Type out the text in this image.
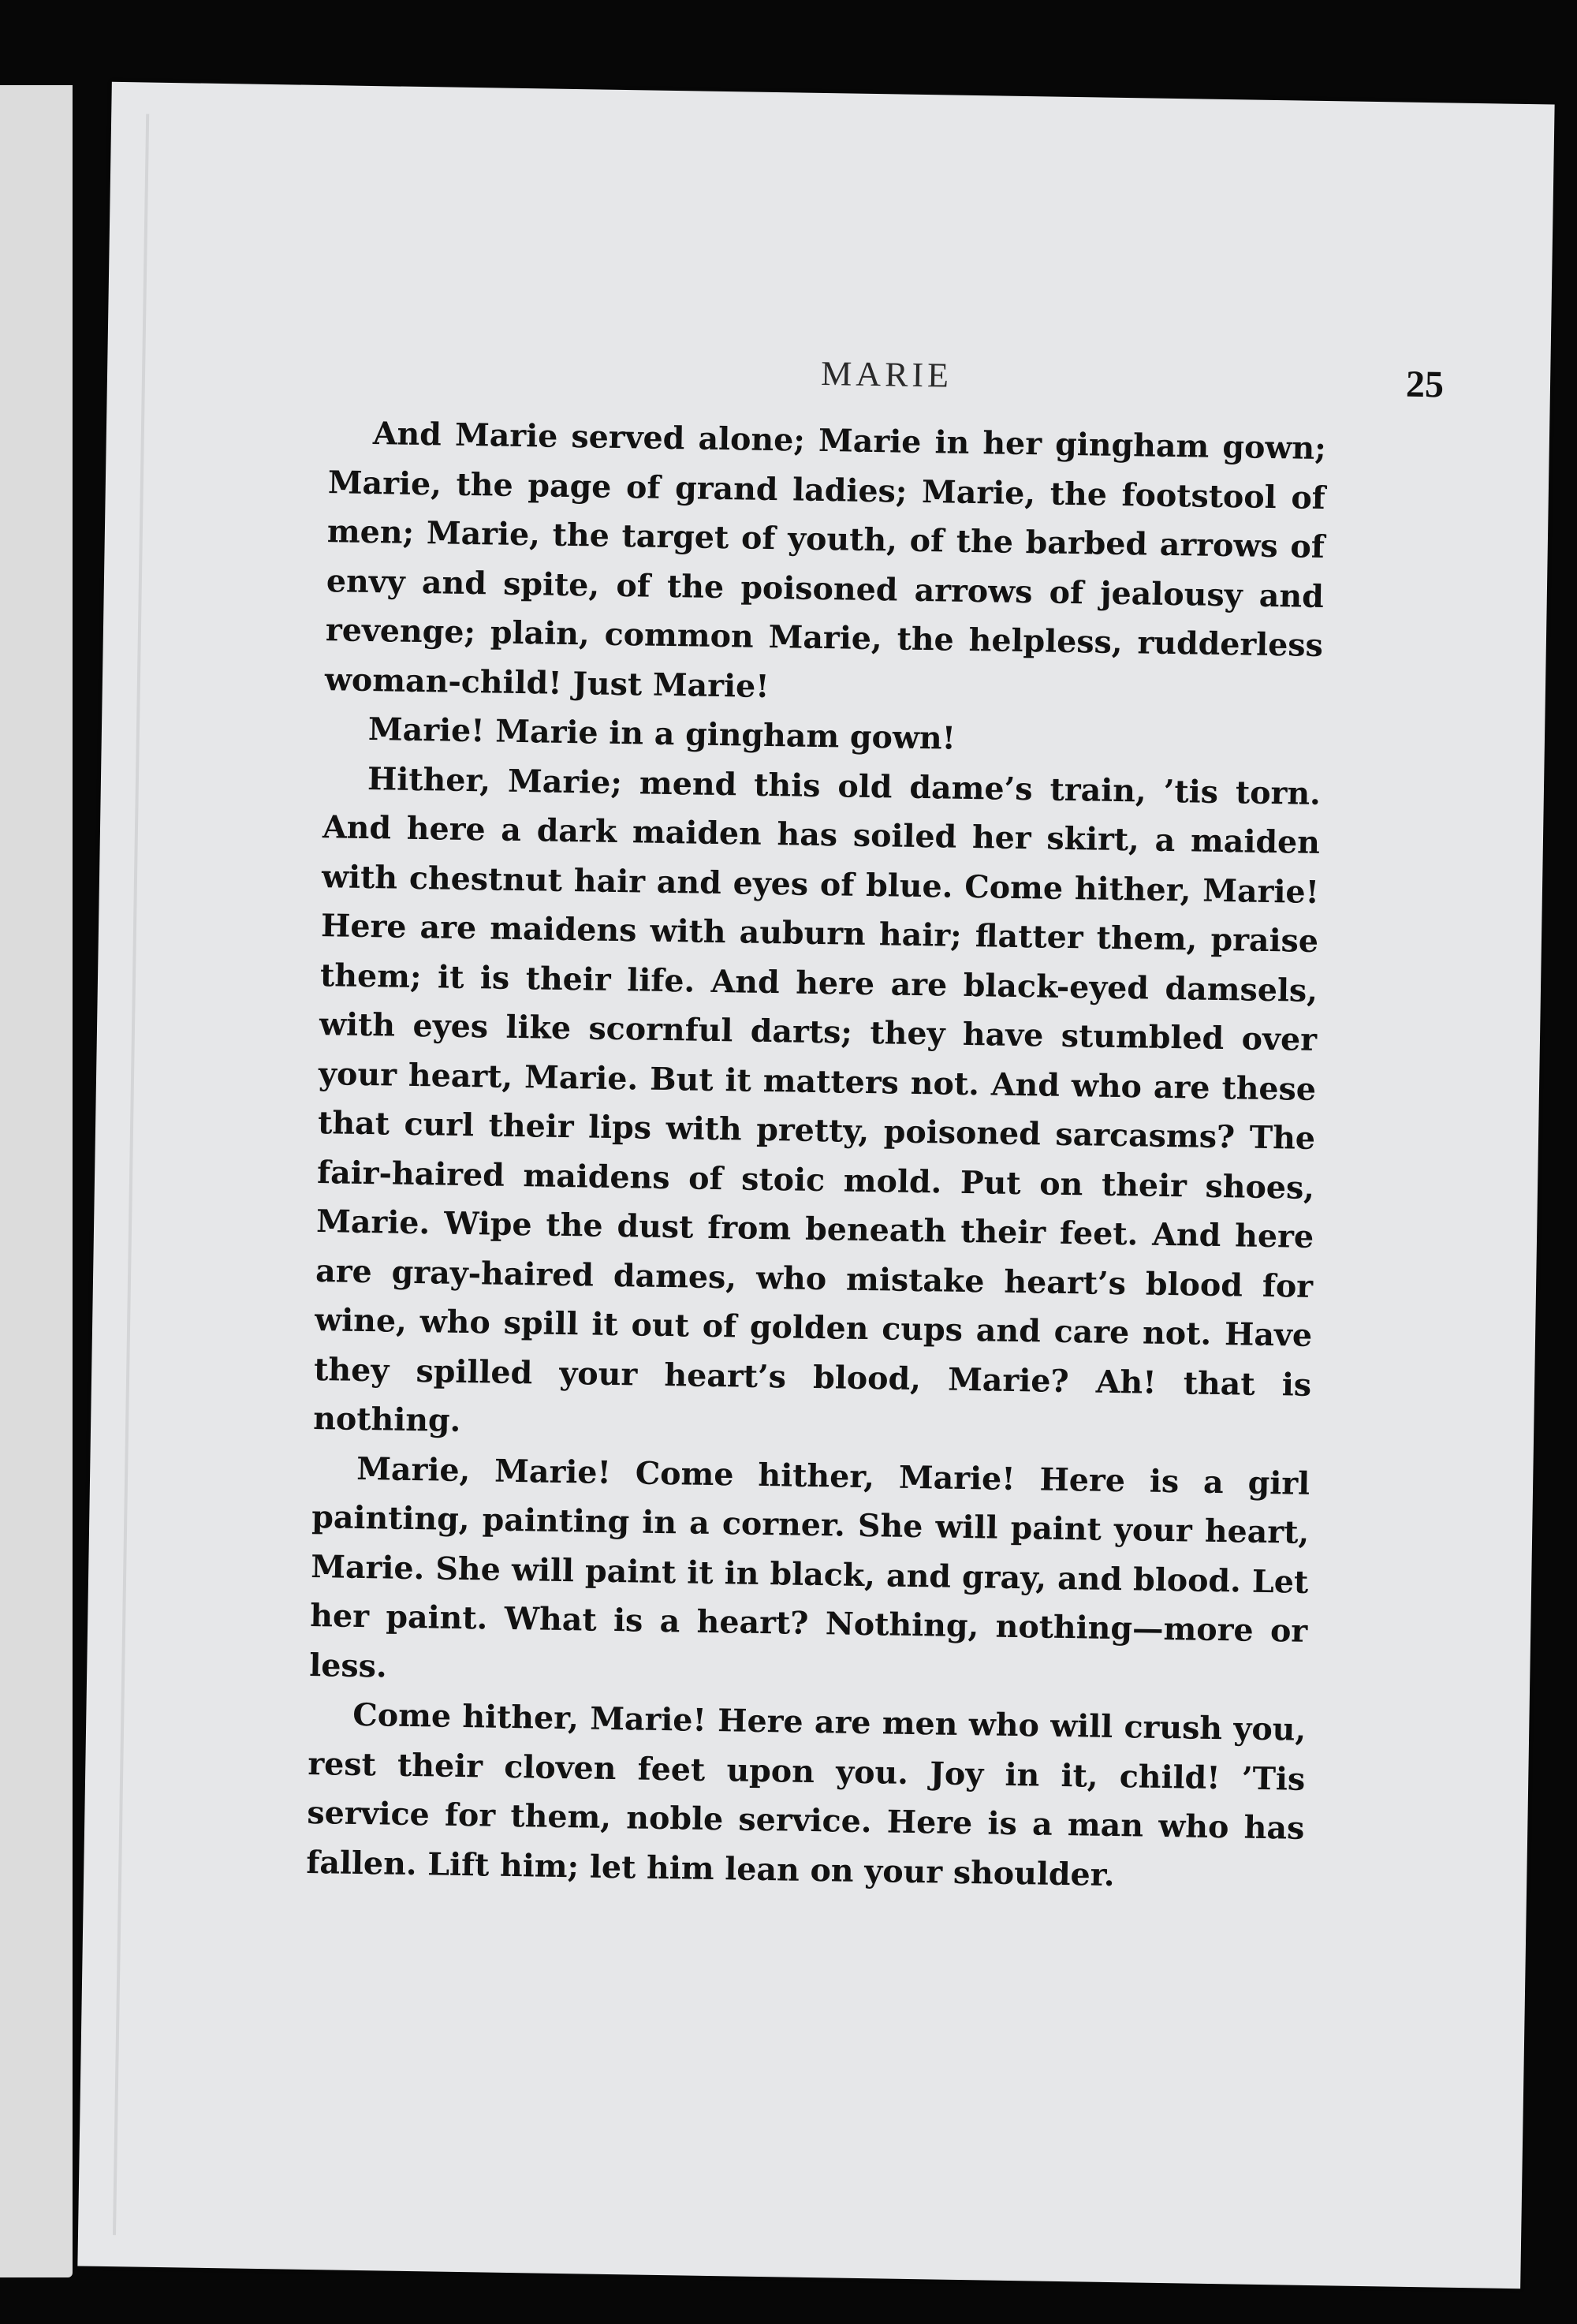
MARIE	25

And Marie served alone; Marie in her gingham gown; Marie, the page of grand ladies; Marie, the footstool of men; Marie, the target of youth, of the barbed arrows of envy and spite, of the poisoned arrows of jealousy and revenge; plain, common Marie, the helpless, rudderless woman-child! Just Marie!

Marie! Marie in a gingham gown!

Hither, Marie; mend this old dame’s train, ’tis torn. And here a dark maiden has soiled her skirt, a maiden with chestnut hair and eyes of blue. Come hither, Marie! Here are maidens with auburn hair; flatter them, praise them; it is their life. And here are black-eyed damsels, with eyes like scornful darts; they have stumbled over your heart, Marie. But it matters not. And who are these that curl their lips with pretty, poisoned sarcasms? The fair-haired maidens of stoic mold. Put on their shoes, Marie. Wipe the dust from beneath their feet. And here are gray-haired dames, who mistake heart’s blood for wine, who spill it out of golden cups and care not. Have they spilled your heart’s blood, Marie? Ah! that is nothing.

Marie, Marie! Come hither, Marie! Here is a girl painting, painting in a corner. She will paint your heart, Marie. She will paint it in black, and gray, and blood. Let her paint. What is a heart? Nothing, nothing—more or less.

Come hither, Marie! Here are men who will crush you, rest their cloven feet upon you. Joy in it, child! ’Tis service for them, noble service. Here is a man who has fallen. Lift him; let him lean on your shoulder.
